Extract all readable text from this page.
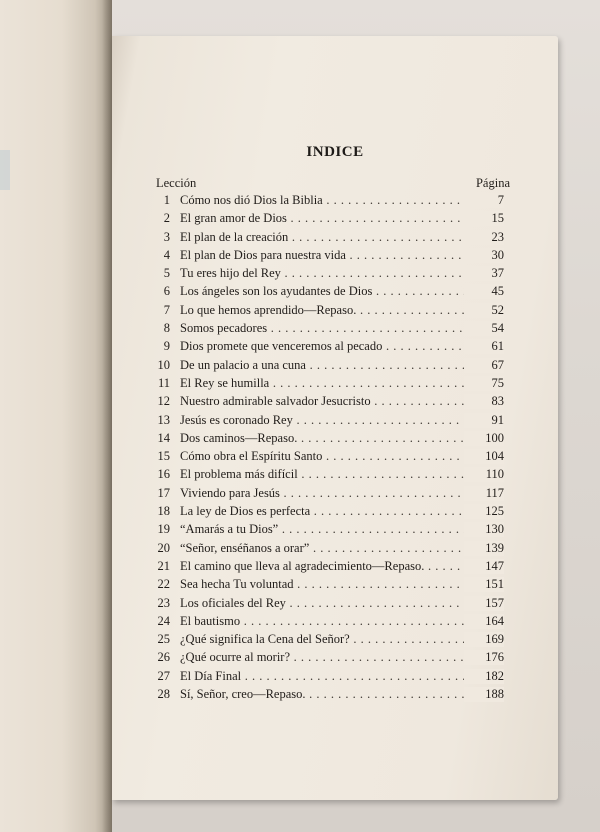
INDICE
Lección	Página
1 Cómo nos dió Dios la Biblia . . .	7
2 El gran amor de Dios . . .	15
3 El plan de la creación . . .	23
4 El plan de Dios para nuestra vida . . .	30
5 Tu eres hijo del Rey . . .	37
6 Los ángeles son los ayudantes de Dios . . .	45
7 Lo que hemos aprendido—Repaso. . . .	52
8 Somos pecadores . . .	54
9 Dios promete que venceremos al pecado . . .	61
10 De un palacio a una cuna . . .	67
11 El Rey se humilla . . .	75
12 Nuestro admirable salvador Jesucristo . . .	83
13 Jesús es coronado Rey . . .	91
14 Dos caminos—Repaso. . . .	100
15 Cómo obra el Espíritu Santo . . .	104
16 El problema más difícil . . .	110
17 Viviendo para Jesús . . .	117
18 La ley de Dios es perfecta . . .	125
19 “Amarás a tu Dios” . . .	130
20 “Señor, enséñanos a orar” . . .	139
21 El camino que lleva al agradecimiento—Repaso. . . .	147
22 Sea hecha Tu voluntad . . .	151
23 Los oficiales del Rey . . .	157
24 El bautismo . . .	164
25 ¿Qué significa la Cena del Señor? . . .	169
26 ¿Qué ocurre al morir? . . .	176
27 El Día Final . . .	182
28 Sí, Señor, creo—Repaso. . . .	188
